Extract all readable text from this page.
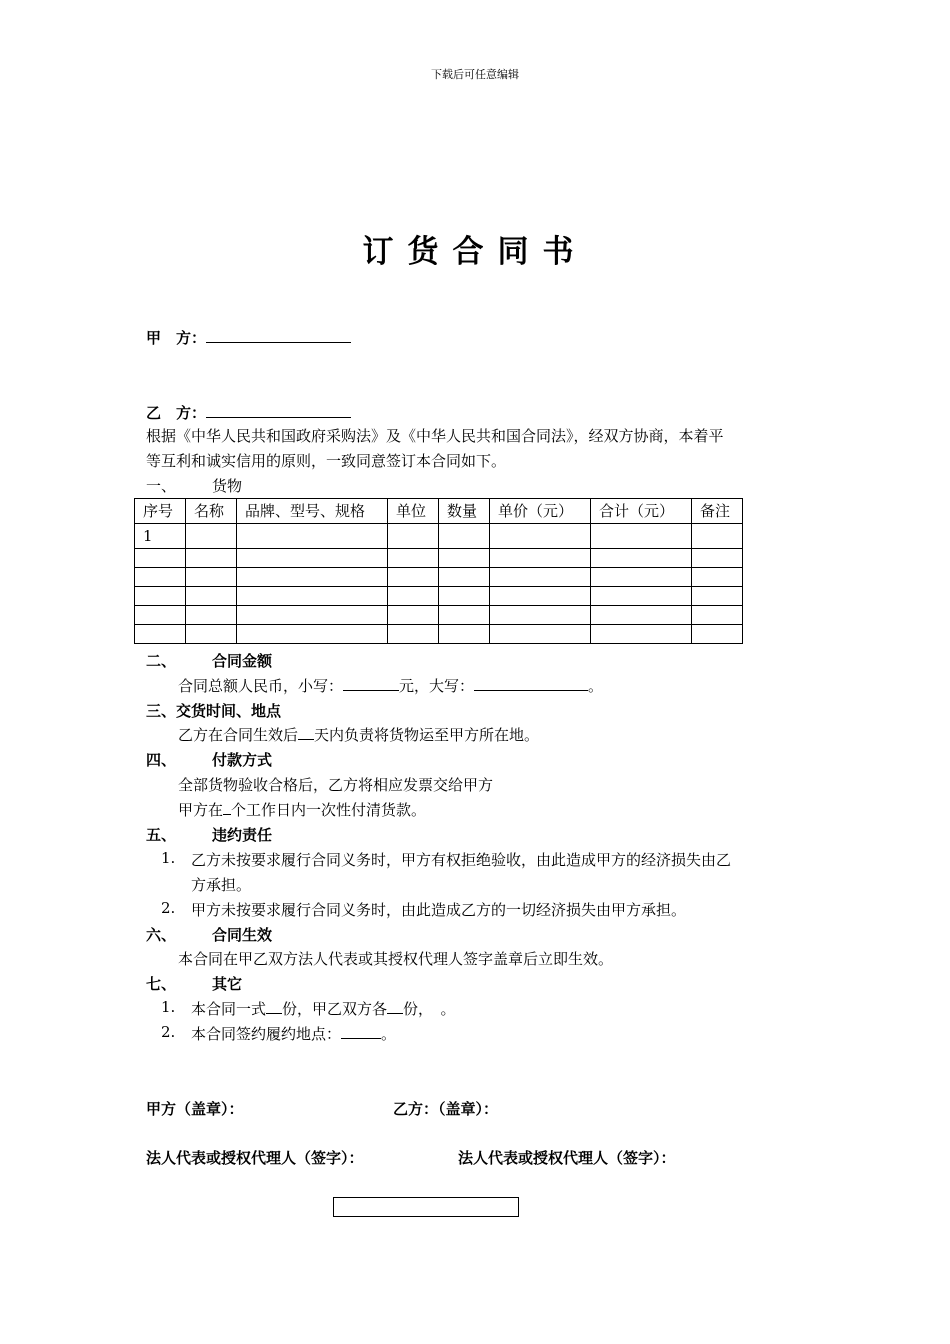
下载后可任意编辑
订货合同书
甲　方：
乙　方：
根据《中华人民共和国政府采购法》及《中华人民共和国合同法》，经双方协商，本着平
等互利和诚实信用的原则，一致同意签订本合同如下。
一、 货物
序号	名称	品牌、型号、规格	单位	数量	单价（元）	合计（元）	备注
1							

二、 合同金额
合同总额人民币，小写：	元，大写：	。
三、交货时间、地点
乙方在合同生效后 天内负责将货物运至甲方所在地。
四、 付款方式
全部货物验收合格后，乙方将相应发票交给甲方
甲方在 个工作日内一次性付清货款。
五、 违约责任
1. 乙方未按要求履行合同义务时，甲方有权拒绝验收，由此造成甲方的经济损失由乙
方承担。
2. 甲方未按要求履行合同义务时，由此造成乙方的一切经济损失由甲方承担。
六、 合同生效
本合同在甲乙双方法人代表或其授权代理人签字盖章后立即生效。
七、 其它
1. 本合同一式 份，甲乙双方各 份，　。
2. 本合同签约履约地点：	。
甲方（盖章）：	乙方：（盖章）：
法人代表或授权代理人（签字）：	法人代表或授权代理人（签字）：
